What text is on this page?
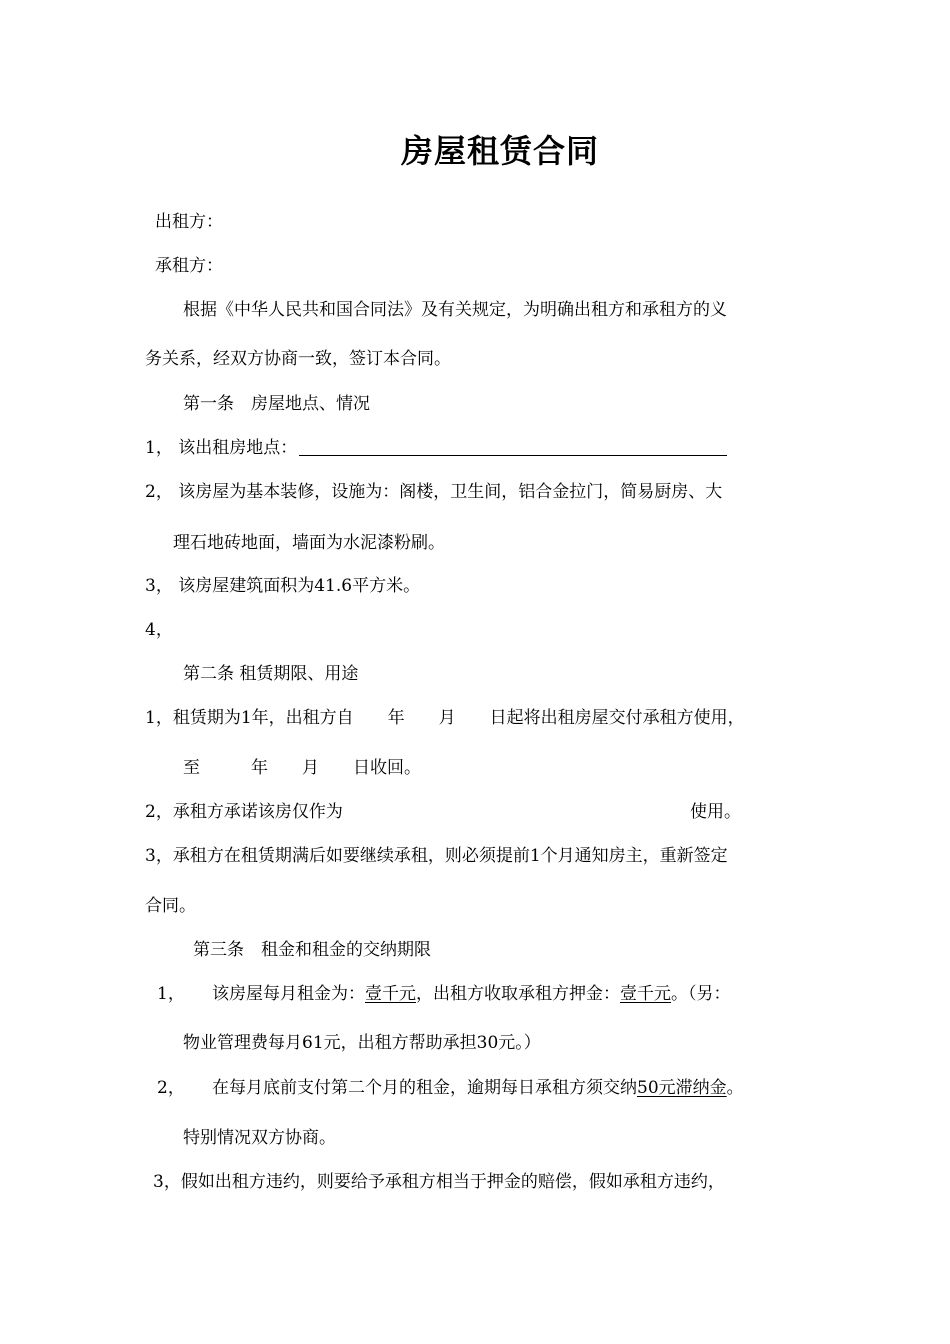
房屋租赁合同
出租方：
承租方：
根据《中华人民共和国合同法》及有关规定，为明确出租方和承租方的义
务关系，经双方协商一致，签订本合同。
第一条　房屋地点、情况
1， 该出租房地点：
2， 该房屋为基本装修，设施为：阁楼，卫生间，铝合金拉门，简易厨房、大
理石地砖地面，墙面为水泥漆粉刷。
3， 该房屋建筑面积为41.6平方米。
4，
第二条 租赁期限、用途
1，租赁期为1年，出租方自　　年　　月　　日起将出租房屋交付承租方使用，
至　　　年　　月　　日收回。
2，承租方承诺该房仅作为	使用。
3，承租方在租赁期满后如要继续承租，则必须提前1个月通知房主，重新签定
合同。
第三条　租金和租金的交纳期限
1， 该房屋每月租金为：壹千元，出租方收取承租方押金：壹千元。（另：
物业管理费每月61元，出租方帮助承担30元。）
2， 在每月底前支付第二个月的租金，逾期每日承租方须交纳50元滞纳金。
特别情况双方协商。
3，假如出租方违约，则要给予承租方相当于押金的赔偿，假如承租方违约，
